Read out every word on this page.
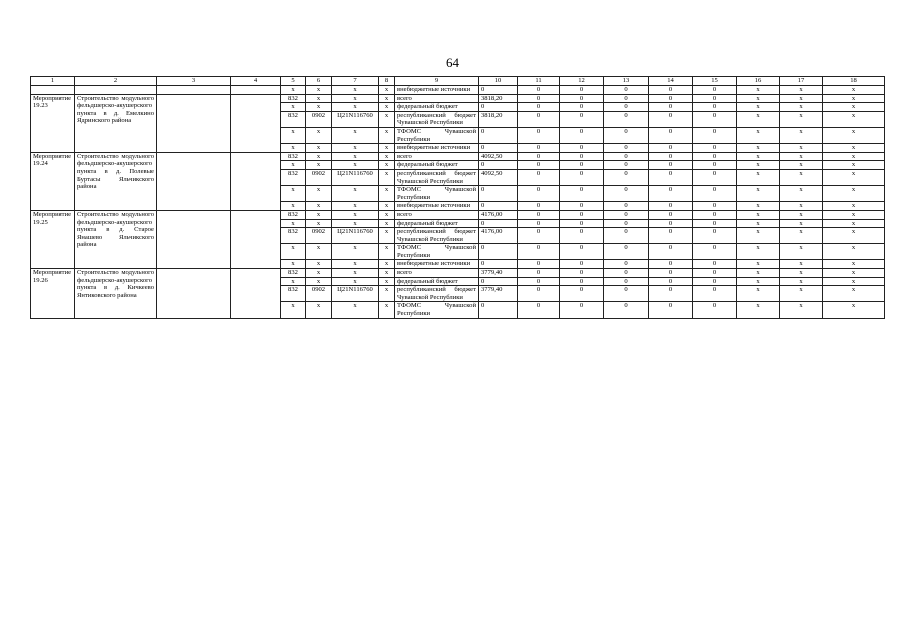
64
1	2	3	4	5	6	7	8	9	10	11	12	13	14	15	16	17	18
				x	x	x	x	внебюджетные источники	0	0	0	0	0	0	x	x	x
Мероприятие 19.23	Строительство модульного фельдшерско-акушерского пункта в д. Емелкино Ядринского района			832	x	x	x	всего	3818,20	0	0	0	0	0	x	x	x
				x	x	x	x	федеральный бюджет	0	0	0	0	0	0	x	x	x
				832	0902	Ц21N116760	x	республиканский бюджет Чувашской Республики	3818,20	0	0	0	0	0	x	x	x
				x	x	x	x	ТФОМС Чувашской Республики	0	0	0	0	0	0	x	x	x
				x	x	x	x	внебюджетные источники	0	0	0	0	0	0	x	x	x
Мероприятие 19.24	Строительство модульного фельдшерско-акушерского пункта в д. Полевые Буртасы Яльчикского района			832	x	x	x	всего	4092,50	0	0	0	0	0	x	x	x
				x	x	x	x	федеральный бюджет	0	0	0	0	0	0	x	x	x
				832	0902	Ц21N116760	x	республиканский бюджет Чувашской Республики	4092,50	0	0	0	0	0	x	x	x
				x	x	x	x	ТФОМС Чувашской Республики	0	0	0	0	0	0	x	x	x
				x	x	x	x	внебюджетные источники	0	0	0	0	0	0	x	x	x
Мероприятие 19.25	Строительство модульного фельдшерско-акушерского пункта в д. Старое Янашево Яльчикского района			832	x	x	x	всего	4176,00	0	0	0	0	0	x	x	x
				x	x	x	x	федеральный бюджет	0	0	0	0	0	0	x	x	x
				832	0902	Ц21N116760	x	республиканский бюджет Чувашской Республики	4176,00	0	0	0	0	0	x	x	x
				x	x	x	x	ТФОМС Чувашской Республики	0	0	0	0	0	0	x	x	x
				x	x	x	x	внебюджетные источники	0	0	0	0	0	0	x	x	x
Мероприятие 19.26	Строительство модульного фельдшерско-акушерского пункта в д. Кичкеево Янтиковского района			832	x	x	x	всего	3779,40	0	0	0	0	0	x	x	x
				x	x	x	x	федеральный бюджет	0	0	0	0	0	0	x	x	x
				832	0902	Ц21N116760	x	республиканский бюджет Чувашской Республики	3779,40	0	0	0	0	0	x	x	x
				x	x	x	x	ТФОМС Чувашской Республики	0	0	0	0	0	0	x	x	x
